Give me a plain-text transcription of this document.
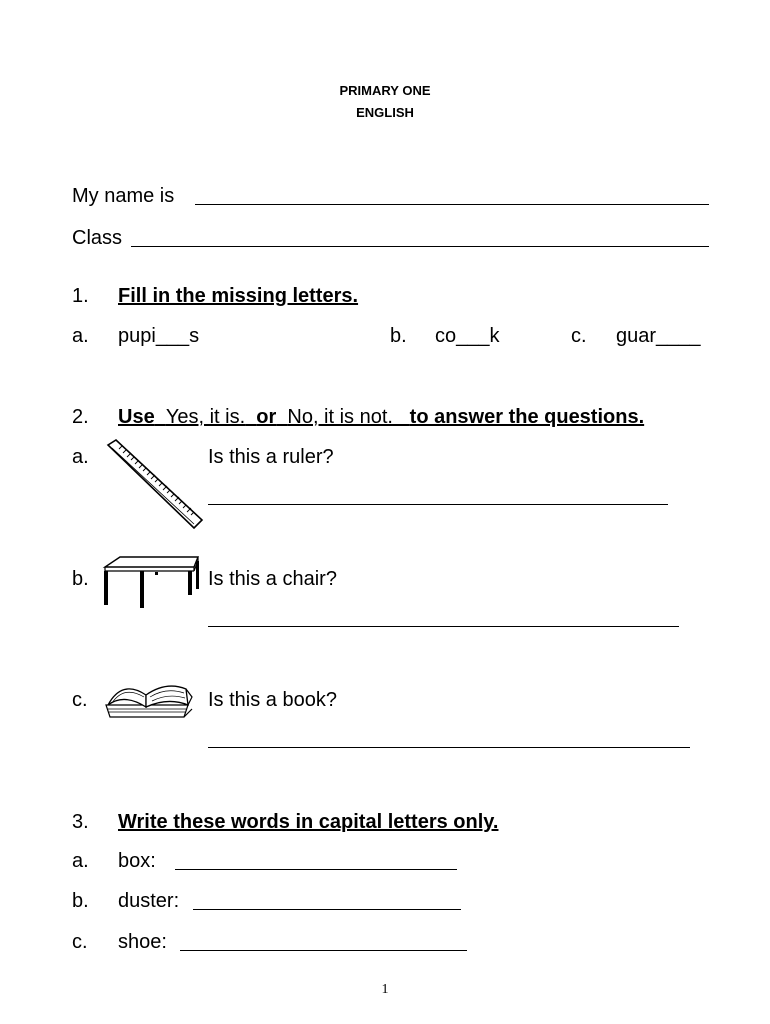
PRIMARY ONE
ENGLISH
My name is
Class
1. Fill in the missing letters.
a. pupi___s	b. co___k	c. guar____
2. Use Yes, it is. or No, it is not. to answer the questions.
a.	Is this a ruler?
b.	Is this a chair?
c.	Is this a book?
3. Write these words in capital letters only.
a. box:
b. duster:
c. shoe:
1
